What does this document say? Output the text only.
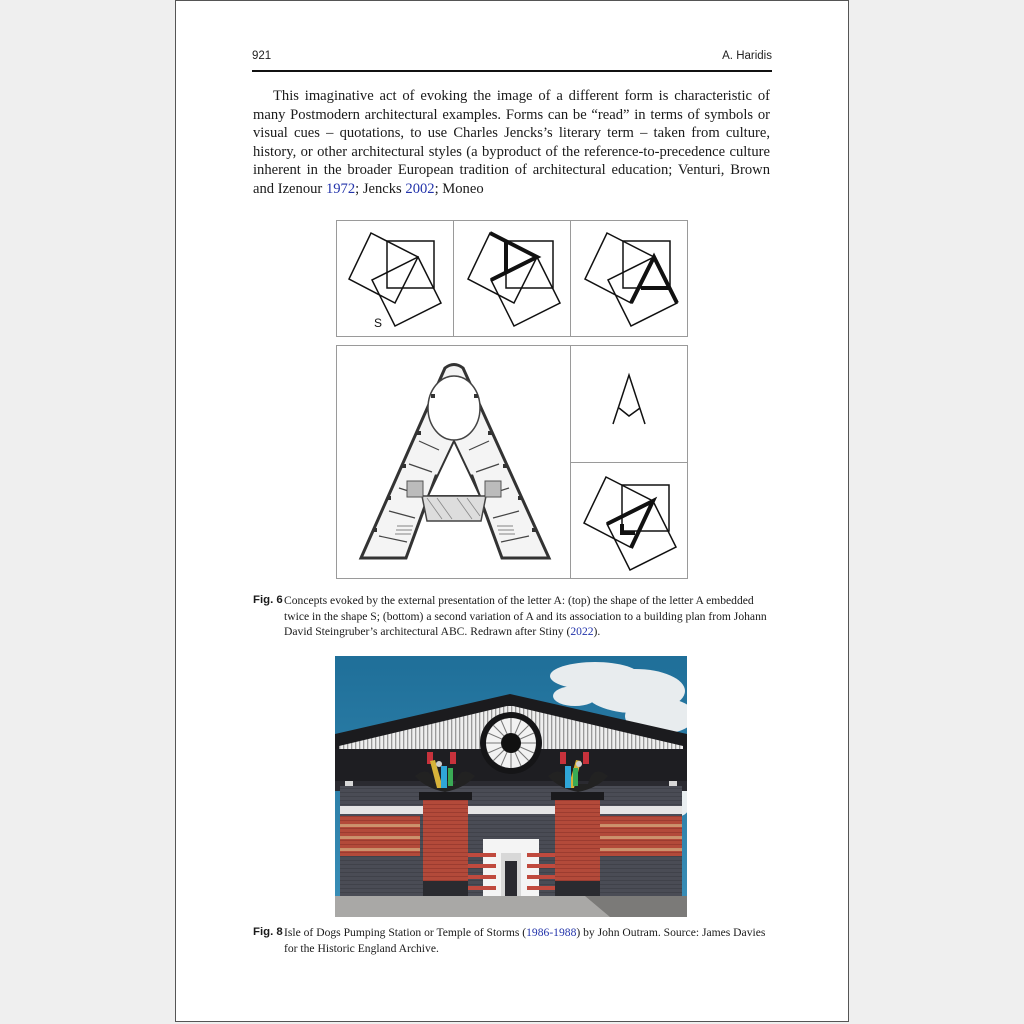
921	A. Haridis

This imaginative act of evoking the image of a different form is characteristic of many Postmodern architectural examples. Forms can be “read” in terms of symbols or visual cues – quotations, to use Charles Jencks’s literary term – taken from culture, history, or other architectural styles (a byproduct of the reference-to-precedence culture inherent in the broader European tradition of architectural education; Venturi, Brown and Izenour 1972; Jencks 2002; Moneo

S
Fig. 6 Concepts evoked by the external presentation of the letter A: (top) the shape of the letter A embedded twice in the shape S; (bottom) a second variation of A and its association to a building plan from Johann David Steingruber’s architectural ABC. Redrawn after Stiny (2022).
Fig. 8 Isle of Dogs Pumping Station or Temple of Storms (1986-1988) by John Outram. Source: James Davies for the Historic England Archive.
